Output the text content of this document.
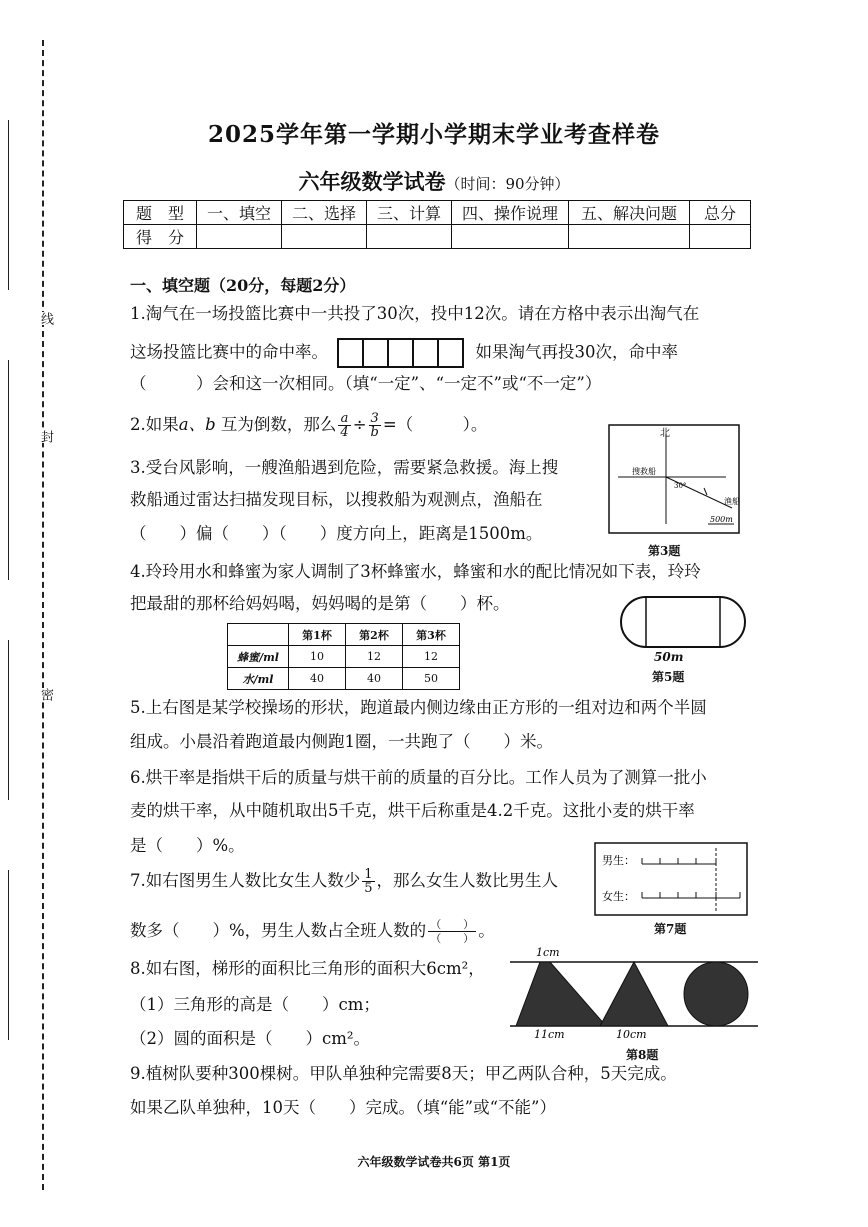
线
封
密
2025学年第一学期小学期末学业考查样卷
六年级数学试卷（时间：90分钟）
题　型	一、填空	二、选择	三、计算	四、操作说理	五、解决问题	总分
得　分						
一、填空题（20分，每题2分）
1.淘气在一场投篮比赛中一共投了30次，投中12次。请在方格中表示出淘气在
这场投篮比赛中的命中率。	如果淘气再投30次，命中率
（　　　）会和这一次相同。（填“一定”、“一定不”或“不一定”）
2.如果a、b 互为倒数，那么 $\frac{a}{4} \div \frac{3}{b}$ =（　　　）。
3.受台风影响，一艘渔船遇到危险，需要紧急救援。海上搜
救船通过雷达扫描发现目标，以搜救船为观测点，渔船在
（　　）偏（　　）（　　）度方向上，距离是1500m。
北
搜救船
30°
渔船
500m
第3题
4.玲玲用水和蜂蜜为家人调制了3杯蜂蜜水，蜂蜜和水的配比情况如下表，玲玲
把最甜的那杯给妈妈喝，妈妈喝的是第（　　）杯。
	第1杯	第2杯	第3杯
蜂蜜/ml	10	12	12
水/ml	40	40	50
50m
第5题
5.上右图是某学校操场的形状，跑道最内侧边缘由正方形的一组对边和两个半圆
组成。小晨沿着跑道最内侧跑1圈，一共跑了（　　）米。
6.烘干率是指烘干后的质量与烘干前的质量的百分比。工作人员为了测算一批小
麦的烘干率，从中随机取出5千克，烘干后称重是4.2千克。这批小麦的烘干率
是（　　）%。
7.如右图男生人数比女生人数少 $\frac{1}{5}$ ，那么女生人数比男生人
数多（　　）%，男生人数占全班人数的 $\frac{( )}{( )}$ 。
男生：
女生：
第7题
8.如右图，梯形的面积比三角形的面积大6cm²，
（1）三角形的高是（　　）cm；
（2）圆的面积是（　　）cm²。
1cm
11cm	10cm
第8题
9.植树队要种300棵树。甲队单独种完需要8天；甲乙两队合种，5天完成。
如果乙队单独种，10天（　　）完成。（填“能”或“不能”）
六年级数学试卷共6页 第1页
